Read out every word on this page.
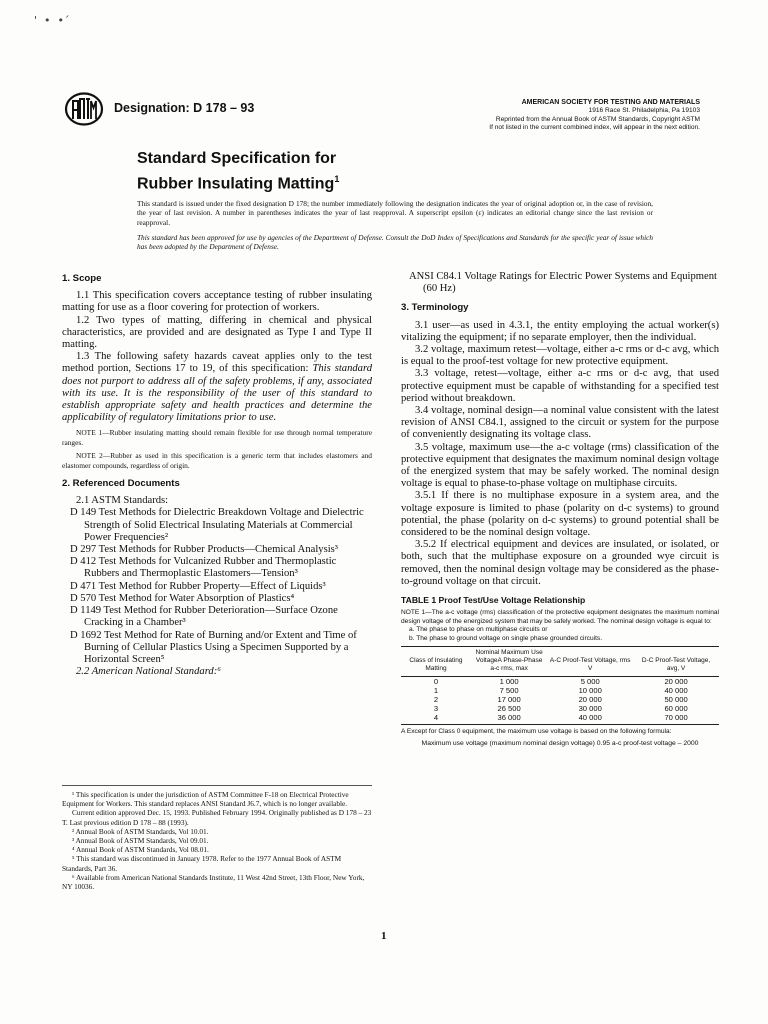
'  •  •ˊ
Designation: D 178 – 93	AMERICAN SOCIETY FOR TESTING AND MATERIALS
1916 Race St. Philadelphia, Pa 19103
Reprinted from the Annual Book of ASTM Standards, Copyright ASTM
If not listed in the current combined index, will appear in the next edition.
Standard Specification for
Rubber Insulating Matting$^1$

This standard is issued under the fixed designation D 178; the number immediately following the designation indicates the year of original adoption or, in the case of revision, the year of last revision. A number in parentheses indicates the year of last reapproval. A superscript epsilon (ε) indicates an editorial change since the last revision or reapproval.

This standard has been approved for use by agencies of the Department of Defense. Consult the DoD Index of Specifications and Standards for the specific year of issue which has been adopted by the Department of Defense.

1. Scope

1.1 This specification covers acceptance testing of rubber insulating matting for use as a floor covering for protection of workers.

1.2 Two types of matting, differing in chemical and physical characteristics, are provided and are designated as Type I and Type II matting.

1.3 The following safety hazards caveat applies only to the test method portion, Sections 17 to 19, of this specification: This standard does not purport to address all of the safety problems, if any, associated with its use. It is the responsibility of the user of this standard to establish appropriate safety and health practices and determine the applicability of regulatory limitations prior to use.

NOTE 1—Rubber insulating matting should remain flexible for use through normal temperature ranges.

NOTE 2—Rubber as used in this specification is a generic term that includes elastomers and elastomer compounds, regardless of origin.

2. Referenced Documents

2.1 ASTM Standards:

D 149 Test Methods for Dielectric Breakdown Voltage and Dielectric Strength of Solid Electrical Insulating Materials at Commercial Power Frequencies²

D 297 Test Methods for Rubber Products—Chemical Analysis³

D 412 Test Methods for Vulcanized Rubber and Thermoplastic Rubbers and Thermoplastic Elastomers—Tension³

D 471 Test Method for Rubber Property—Effect of Liquids³

D 570 Test Method for Water Absorption of Plastics⁴

D 1149 Test Method for Rubber Deterioration—Surface Ozone Cracking in a Chamber³

D 1692 Test Method for Rate of Burning and/or Extent and Time of Burning of Cellular Plastics Using a Specimen Supported by a Horizontal Screen⁵

2.2 American National Standard:⁶

¹ This specification is under the jurisdiction of ASTM Committee F-18 on Electrical Protective Equipment for Workers. This standard replaces ANSI Standard J6.7, which is no longer available.

Current edition approved Dec. 15, 1993. Published February 1994. Originally published as D 178 – 23 T. Last previous edition D 178 – 88 (1993).

² Annual Book of ASTM Standards, Vol 10.01.

³ Annual Book of ASTM Standards, Vol 09.01.

⁴ Annual Book of ASTM Standards, Vol 08.01.

⁵ This standard was discontinued in January 1978. Refer to the 1977 Annual Book of ASTM Standards, Part 36.

⁶ Available from American National Standards Institute, 11 West 42nd Street, 13th Floor, New York, NY 10036.

ANSI C84.1 Voltage Ratings for Electric Power Systems and Equipment (60 Hz)

3. Terminology

3.1 user—as used in 4.3.1, the entity employing the actual worker(s) vitalizing the equipment; if no separate employer, then the individual.

3.2 voltage, maximum retest—voltage, either a-c rms or d-c avg, which is equal to the proof-test voltage for new protective equipment.

3.3 voltage, retest—voltage, either a-c rms or d-c avg, that used protective equipment must be capable of withstanding for a specified test period without breakdown.

3.4 voltage, nominal design—a nominal value consistent with the latest revision of ANSI C84.1, assigned to the circuit or system for the purpose of conveniently designating its voltage class.

3.5 voltage, maximum use—the a-c voltage (rms) classification of the protective equipment that designates the maximum nominal design voltage of the energized system that may be safely worked. The nominal design voltage is equal to phase-to-phase voltage on multiphase circuits.

3.5.1 If there is no multiphase exposure in a system area, and the voltage exposure is limited to phase (polarity on d-c systems) to ground potential, the phase (polarity on d-c systems) to ground potential shall be considered to be the nominal design voltage.

3.5.2 If electrical equipment and devices are insulated, or isolated, or both, such that the multiphase exposure on a grounded wye circuit is removed, then the nominal design voltage may be considered as the phase-to-ground voltage on that circuit.

TABLE 1 Proof Test/Use Voltage Relationship

NOTE 1—The a-c voltage (rms) classification of the protective equipment designates the maximum nominal design voltage of the energized system that may be safely worked. The nominal design voltage is equal to:

a. The phase to phase on multiphase circuits or

b. The phase to ground voltage on single phase grounded circuits.

Class of Insulating Matting	Nominal Maximum Use VoltageA Phase-Phase a-c rms, max	A-C Proof-Test Voltage, rms V	D-C Proof-Test Voltage, avg, V
0	1 000	5 000	20 000
1	7 500	10 000	40 000
2	17 000	20 000	50 000
3	26 500	30 000	60 000
4	36 000	40 000	70 000

A Except for Class 0 equipment, the maximum use voltage is based on the following formula:

Maximum use voltage (maximum nominal design voltage) 0.95 a-c proof-test voltage – 2000

1
